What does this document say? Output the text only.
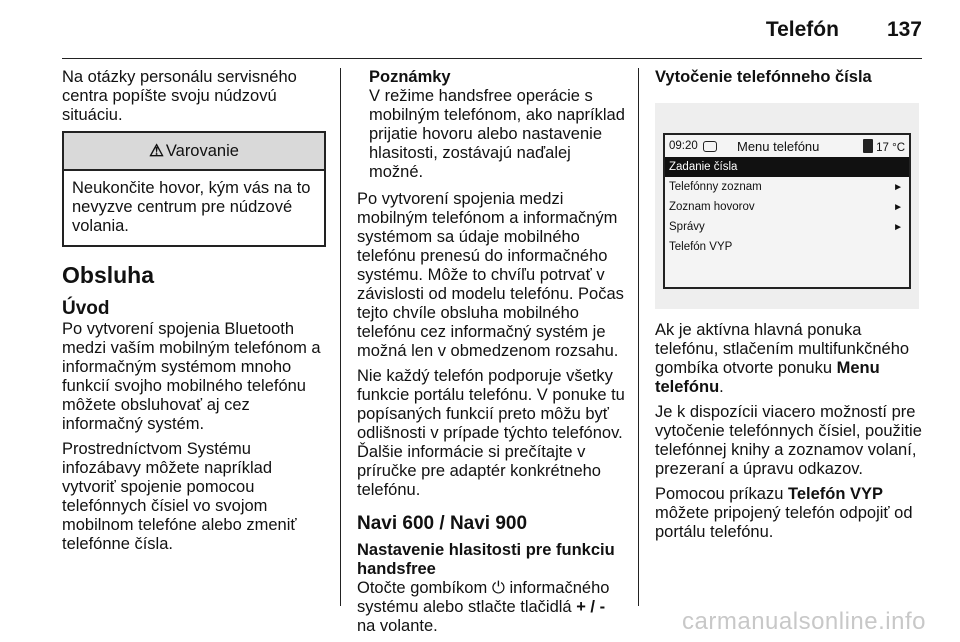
Telefón 137

Na otázky personálu servisného centra popíšte svoju núdzovú situáciu.

⚠ Varovanie
Neukončite hovor, kým vás na to nevyzve centrum pre núdzové volania.
Obsluha
Úvod

Po vytvorení spojenia Bluetooth medzi vaším mobilným telefónom a informačným systémom mnoho funkcií svojho mobilného telefónu môžete obsluhovať aj cez informačný systém.

Prostredníctvom Systému infozábavy môžete napríklad vytvoriť spojenie pomocou telefónnych čísiel vo svojom mobilnom telefóne alebo zmeniť telefónne čísla.

Poznámky
V režime handsfree operácie s mobilným telefónom, ako napríklad prijatie hovoru alebo nastavenie hlasitosti, zostávajú naďalej možné.

Po vytvorení spojenia medzi mobilným telefónom a informačným systémom sa údaje mobilného telefónu prenesú do informačného systému. Môže to chvíľu potrvať v závislosti od modelu telefónu. Počas tejto chvíle obsluha mobilného telefónu cez informačný systém je možná len v obmedzenom rozsahu.

Nie každý telefón podporuje všetky funkcie portálu telefónu. V ponuke tu popísaných funkcií preto môžu byť odlišnosti v prípade týchto telefónov. Ďalšie informácie si prečítajte v príručke pre adaptér konkrétneho telefónu.

Navi 600 / Navi 900
Nastavenie hlasitosti pre funkciu handsfree

Otočte gombíkom ⏻ informačného systému alebo stlačte tlačidlá + / - na volante.

Vytočenie telefónneho čísla
09:20	Menu telefónu	17 °C
Zadanie čísla
Telefónny zoznam	►
Zoznam hovorov	►
Správy	►
Telefón VYP

Ak je aktívna hlavná ponuka telefónu, stlačením multifunkčného gombíka otvorte ponuku Menu telefónu.

Je k dispozícii viacero možností pre vytočenie telefónnych čísiel, použitie telefónnej knihy a zoznamov volaní, prezeraní a úpravu odkazov.

Pomocou príkazu Telefón VYP môžete pripojený telefón odpojiť od portálu telefónu.

carmanualsonline.info
